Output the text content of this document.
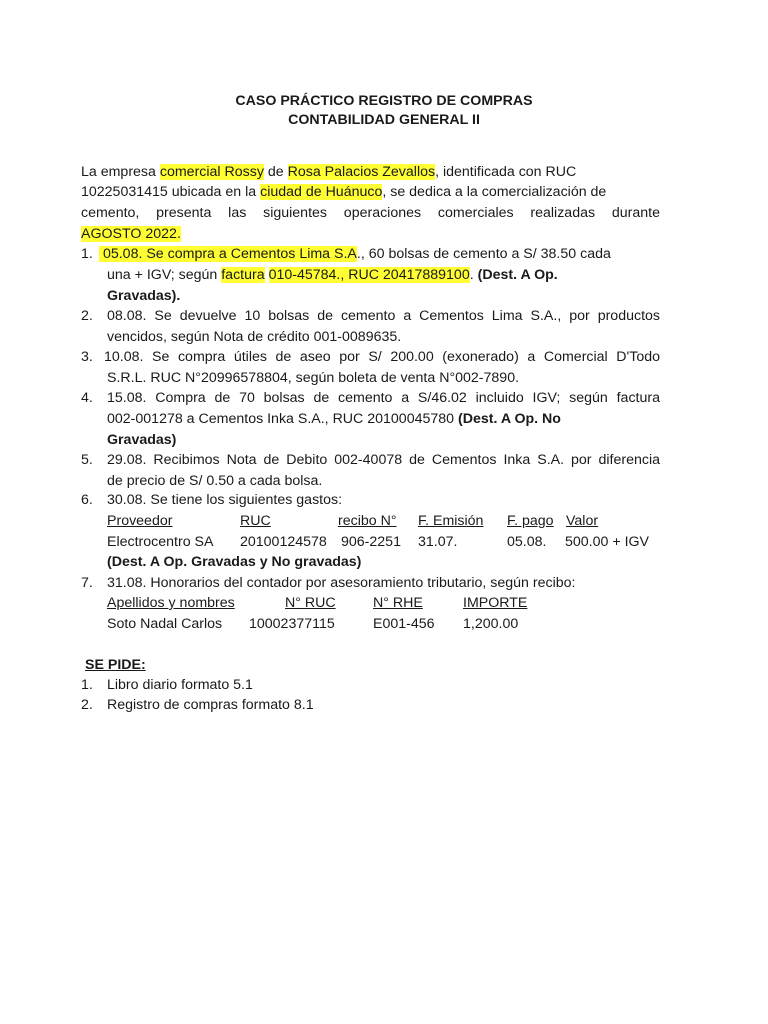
CASO PRÁCTICO REGISTRO DE COMPRAS
CONTABILIDAD GENERAL II
La empresa comercial Rossy de Rosa Palacios Zevallos, identificada con RUC
10225031415 ubicada en la ciudad de Huánuco, se dedica a la comercialización de
cemento, presenta las siguientes operaciones comerciales realizadas durante
AGOSTO 2022.
1. 05.08. Se compra a Cementos Lima S.A., 60 bolsas de cemento a S/ 38.50 cada
una + IGV; según factura 010-45784., RUC 20417889100. (Dest. A Op.
Gravadas).
2. 08.08. Se devuelve 10 bolsas de cemento a Cementos Lima S.A., por productos
vencidos, según Nota de crédito 001-0089635.
3. 10.08. Se compra útiles de aseo por S/ 200.00 (exonerado) a Comercial D'Todo
S.R.L. RUC N°20996578804, según boleta de venta N°002-7890.
4. 15.08. Compra de 70 bolsas de cemento a S/46.02 incluido IGV; según factura
002-001278 a Cementos Inka S.A., RUC 20100045780 (Dest. A Op. No
Gravadas)
5. 29.08. Recibimos Nota de Debito 002-40078 de Cementos Inka S.A. por diferencia
de precio de S/ 0.50 a cada bolsa.
6. 30.08. Se tiene los siguientes gastos:
Proveedor	RUC	recibo N° F. Emisión F. pago Valor
Electrocentro SA 20100124578 906-2251 31.07.	05.08. 500.00 + IGV
(Dest. A Op. Gravadas y No gravadas)
7. 31.08. Honorarios del contador por asesoramiento tributario, según recibo:
Apellidos y nombres	N° RUC	N° RHE	IMPORTE
Soto Nadal Carlos 10002377115	E001-456 1,200.00
SE PIDE:
1. Libro diario formato 5.1
2. Registro de compras formato 8.1
